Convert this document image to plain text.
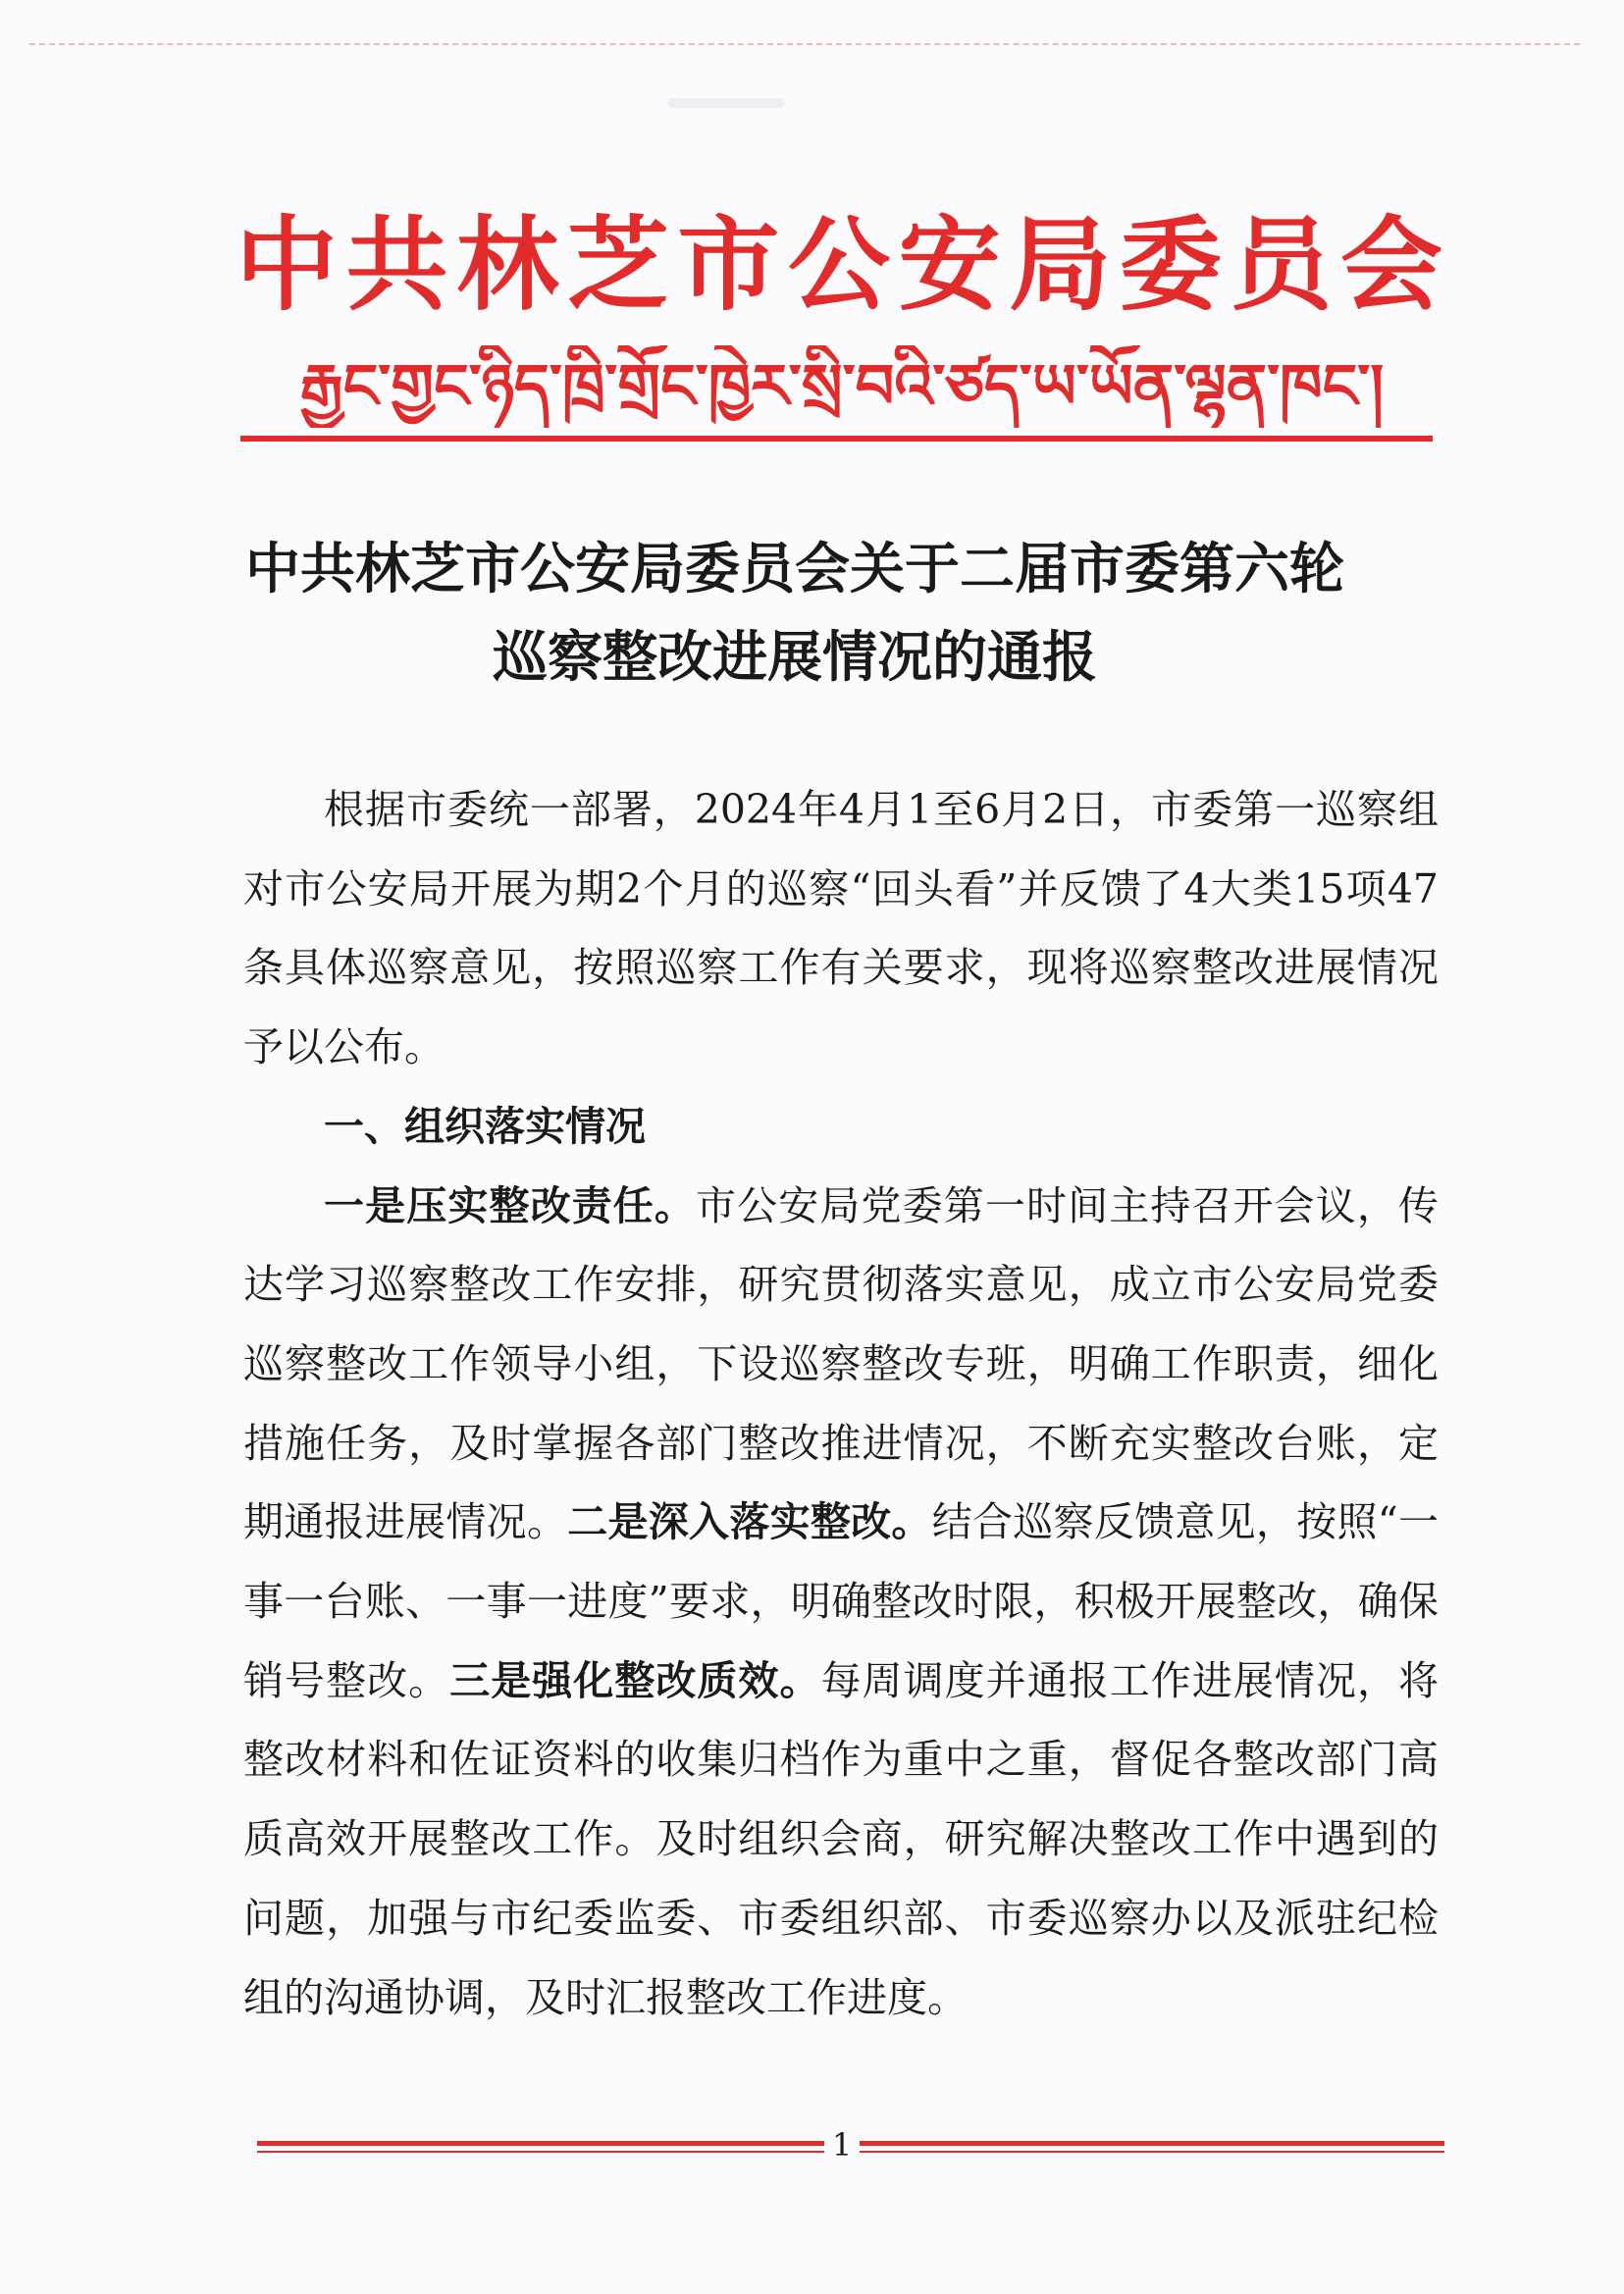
中共林芝市公安局委员会
རྒྱང་གྱང་ཉིད་ཁྲི་གྲོང་ཁྱེར་སྲི་བའི་ཙད་ཡ་ཡོན་ལྷན་ཁང་།
中共林芝市公安局委员会关于二届市委第六轮
巡察整改进展情况的通报

根据市委统一部署，2024年4月1至6月2日，市委第一巡察组对市公安局开展为期2个月的巡察“回头看”并反馈了4大类15项47条具体巡察意见，按照巡察工作有关要求，现将巡察整改进展情况予以公布。

一、组织落实情况

一是压实整改责任。市公安局党委第一时间主持召开会议，传达学习巡察整改工作安排，研究贯彻落实意见，成立市公安局党委巡察整改工作领导小组，下设巡察整改专班，明确工作职责，细化措施任务，及时掌握各部门整改推进情况，不断充实整改台账，定期通报进展情况。二是深入落实整改。结合巡察反馈意见，按照“一事一台账、一事一进度”要求，明确整改时限，积极开展整改，确保销号整改。三是强化整改质效。每周调度并通报工作进展情况，将整改材料和佐证资料的收集归档作为重中之重，督促各整改部门高质高效开展整改工作。及时组织会商，研究解决整改工作中遇到的问题，加强与市纪委监委、市委组织部、市委巡察办以及派驻纪检组的沟通协调，及时汇报整改工作进度。

1
